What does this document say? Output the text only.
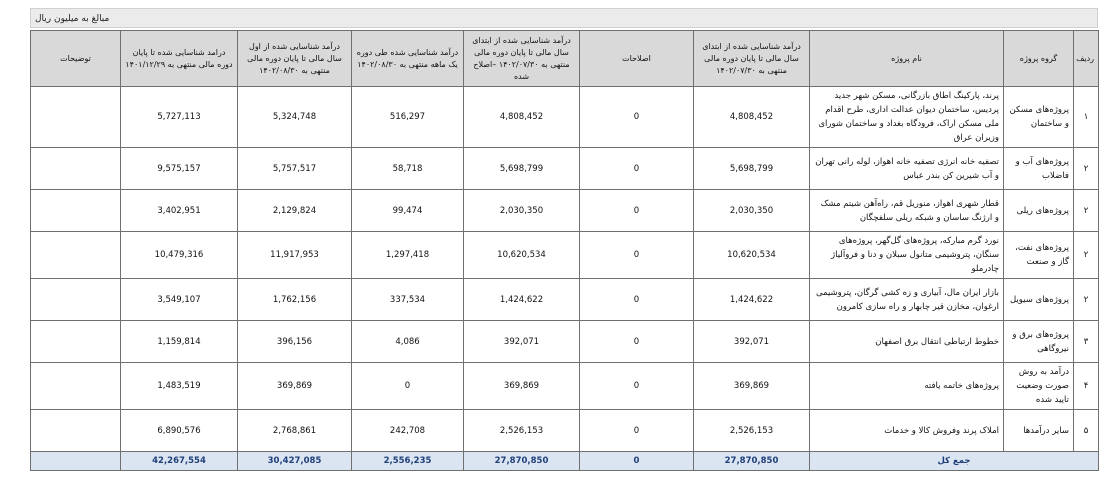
مبالغ به میلیون ریال
ردیف	گروه پروژه	نام پروژه	درآمد شناسایی شده از ابتدای سال مالی تا پایان دوره مالی منتهی به ۱۴۰۲/۰۷/۳۰	اصلاحات	درآمد شناسایی شده از ابتدای سال مالی تا پایان دوره مالی منتهی به ۱۴۰۲/۰۷/۳۰ –اصلاح شده	درآمد شناسایی شده طی دوره یک ماهه منتهی به ۱۴۰۲/۰۸/۳۰	درآمد شناسایی شده از اول سال مالی تا پایان دوره مالی منتهی به ۱۴۰۲/۰۸/۳۰	درامد شناسایی شده تا پایان دوره مالی منتهی به ۱۴۰۱/۱۲/۲۹	توضیحات
۱	پروژه‌های مسکن و ساختمان	پرند، پارکینگ اطاق بازرگانی، مسکن شهر جدید پردیس، ساختمان دیوان عدالت اداری، طرح اقدام ملی مسکن اراک، فرودگاه بغداد و ساختمان شورای وزیران عراق	4,808,452	0	4,808,452	516,297	5,324,748	5,727,113	
۲	پروژه‌های آب و فاضلاب	تصفیه خانه انرژی تصفیه خانه اهواز، لوله رانی تهران و آب شیرین کن بندر عباس	5,698,799	0	5,698,799	58,718	5,757,517	9,575,157	
۲	پروژه‌های ریلی	قطار شهری اهواز، منوریل قم، راه‌آهن شیتم مشک و ارژنگ ساسان و شبکه ریلی سلفچگان	2,030,350	0	2,030,350	99,474	2,129,824	3,402,951	
۲	پروژه‌های نفت، گاز و صنعت	نورد گرم مبارکه، پروژه‌های گل‌گهر، پروژه‌های سنگان، پتروشیمی متانول سبلان و دنا و فروآلیاژ چادرملو	10,620,534	0	10,620,534	1,297,418	11,917,953	10,479,316	
۲	پروژه‌های سیویل	بازار ایران مال، آبیاری و زه کشی گرگان، پتروشیمی ارغوان، مخازن قیر چابهار و راه سازی کامرون	1,424,622	0	1,424,622	337,534	1,762,156	3,549,107	
۳	پروژه‌های برق و نیروگاهی	خطوط ارتباطی انتقال برق اصفهان	392,071	0	392,071	4,086	396,156	1,159,814	
۴	درآمد به روش صورت وضعیت تایید شده	پروژه‌های خاتمه یافته	369,869	0	369,869	0	369,869	1,483,519	
۵	سایر درآمدها	املاک پرند وفروش کالا و خدمات	2,526,153	0	2,526,153	242,708	2,768,861	6,890,576	
جمع کل			27,870,850	0	27,870,850	2,556,235	30,427,085	42,267,554	
